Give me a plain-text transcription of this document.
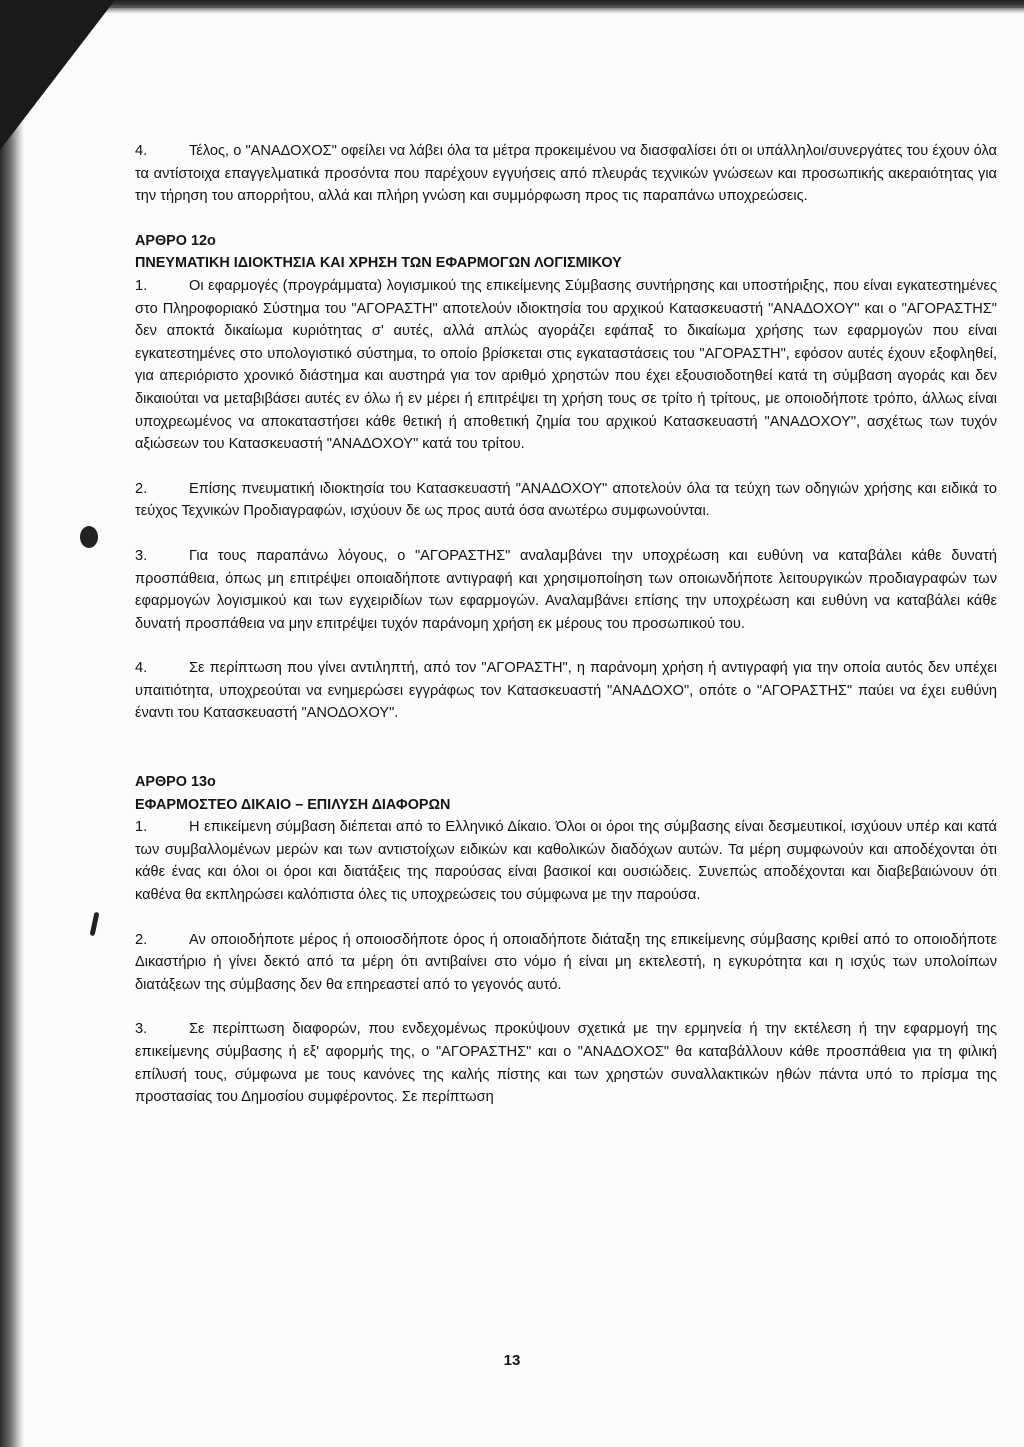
4.	Τέλος, ο "ΑΝΑΔΟΧΟΣ" οφείλει να λάβει όλα τα μέτρα προκειμένου να διασφαλίσει ότι οι υπάλληλοι/συνεργάτες του έχουν όλα τα αντίστοιχα επαγγελματικά προσόντα που παρέχουν εγγυήσεις από πλευράς τεχνικών γνώσεων και προσωπικής ακεραιότητας για την τήρηση του απορρήτου, αλλά και πλήρη γνώση και συμμόρφωση προς τις παραπάνω υποχρεώσεις.

ΑΡΘΡΟ 12ο

ΠΝΕΥΜΑΤΙΚΗ ΙΔΙΟΚΤΗΣΙΑ ΚΑΙ ΧΡΗΣΗ ΤΩΝ ΕΦΑΡΜΟΓΩΝ ΛΟΓΙΣΜΙΚΟΥ

1.	Οι εφαρμογές (προγράμματα) λογισμικού της επικείμενης Σύμβασης συντήρησης και υποστήριξης, που είναι εγκατεστημένες στο Πληροφοριακό Σύστημα του "ΑΓΟΡΑΣΤΗ" αποτελούν ιδιοκτησία του αρχικού Κατασκευαστή "ΑΝΑΔΟΧΟΥ" και ο "ΑΓΟΡΑΣΤΗΣ" δεν αποκτά δικαίωμα κυριότητας σ' αυτές, αλλά απλώς αγοράζει εφάπαξ το δικαίωμα χρήσης των εφαρμογών που είναι εγκατεστημένες στο υπολογιστικό σύστημα, το οποίο βρίσκεται στις εγκαταστάσεις του "ΑΓΟΡΑΣΤΗ", εφόσον αυτές έχουν εξοφληθεί, για απεριόριστο χρονικό διάστημα και αυστηρά για τον αριθμό χρηστών που έχει εξουσιοδοτηθεί κατά τη σύμβαση αγοράς και δεν δικαιούται να μεταβιβάσει αυτές εν όλω ή εν μέρει ή επιτρέψει τη χρήση τους σε τρίτο ή τρίτους, με οποιοδήποτε τρόπο, άλλως είναι υποχρεωμένος να αποκαταστήσει κάθε θετική ή αποθετική ζημία του αρχικού Κατασκευαστή "ΑΝΑΔΟΧΟΥ", ασχέτως των τυχόν αξιώσεων του Κατασκευαστή "ΑΝΑΔΟΧΟΥ" κατά του τρίτου.

2.	Επίσης πνευματική ιδιοκτησία του Κατασκευαστή "ΑΝΑΔΟΧΟΥ" αποτελούν όλα τα τεύχη των οδηγιών χρήσης και ειδικά το τεύχος Τεχνικών Προδιαγραφών, ισχύουν δε ως προς αυτά όσα ανωτέρω συμφωνούνται.

3.	Για τους παραπάνω λόγους, ο "ΑΓΟΡΑΣΤΗΣ" αναλαμβάνει την υποχρέωση και ευθύνη να καταβάλει κάθε δυνατή προσπάθεια, όπως μη επιτρέψει οποιαδήποτε αντιγραφή και χρησιμοποίηση των οποιωνδήποτε λειτουργικών προδιαγραφών των εφαρμογών λογισμικού και των εγχειριδίων των εφαρμογών. Αναλαμβάνει επίσης την υποχρέωση και ευθύνη να καταβάλει κάθε δυνατή προσπάθεια να μην επιτρέψει τυχόν παράνομη χρήση εκ μέρους του προσωπικού του.

4.	Σε περίπτωση που γίνει αντιληπτή, από τον "ΑΓΟΡΑΣΤΗ", η παράνομη χρήση ή αντιγραφή για την οποία αυτός δεν υπέχει υπαιτιότητα, υποχρεούται να ενημερώσει εγγράφως τον Κατασκευαστή "ΑΝΑΔΟΧΟ", οπότε ο "ΑΓΟΡΑΣΤΗΣ" παύει να έχει ευθύνη έναντι του Κατασκευαστή "ΑΝΟΔΟΧΟΥ".

ΑΡΘΡΟ 13ο

ΕΦΑΡΜΟΣΤΕΟ ΔΙΚΑΙΟ – ΕΠΙΛΥΣΗ ΔΙΑΦΟΡΩΝ

1.	Η επικείμενη σύμβαση διέπεται από το Ελληνικό Δίκαιο. Όλοι οι όροι της σύμβασης είναι δεσμευτικοί, ισχύουν υπέρ και κατά των συμβαλλομένων μερών και των αντιστοίχων ειδικών και καθολικών διαδόχων αυτών. Τα μέρη συμφωνούν και αποδέχονται ότι κάθε ένας και όλοι οι όροι και διατάξεις της παρούσας είναι βασικοί και ουσιώδεις. Συνεπώς αποδέχονται και διαβεβαιώνουν ότι καθένα θα εκπληρώσει καλόπιστα όλες τις υποχρεώσεις του σύμφωνα με την παρούσα.

2.	Αν οποιοδήποτε μέρος ή οποιοσδήποτε όρος ή οποιαδήποτε διάταξη της επικείμενης σύμβασης κριθεί από το οποιοδήποτε Δικαστήριο ή γίνει δεκτό από τα μέρη ότι αντιβαίνει στο νόμο ή είναι μη εκτελεστή, η εγκυρότητα και η ισχύς των υπολοίπων διατάξεων της σύμβασης δεν θα επηρεαστεί από το γεγονός αυτό.

3.	Σε περίπτωση διαφορών, που ενδεχομένως προκύψουν σχετικά με την ερμηνεία ή την εκτέλεση ή την εφαρμογή της επικείμενης σύμβασης ή εξ' αφορμής της, ο "ΑΓΟΡΑΣΤΗΣ" και ο "ΑΝΑΔΟΧΟΣ" θα καταβάλλουν κάθε προσπάθεια για τη φιλική επίλυσή τους, σύμφωνα με τους κανόνες της καλής πίστης και των χρηστών συναλλακτικών ηθών πάντα υπό το πρίσμα της προστασίας του Δημοσίου συμφέροντος. Σε περίπτωση

13
